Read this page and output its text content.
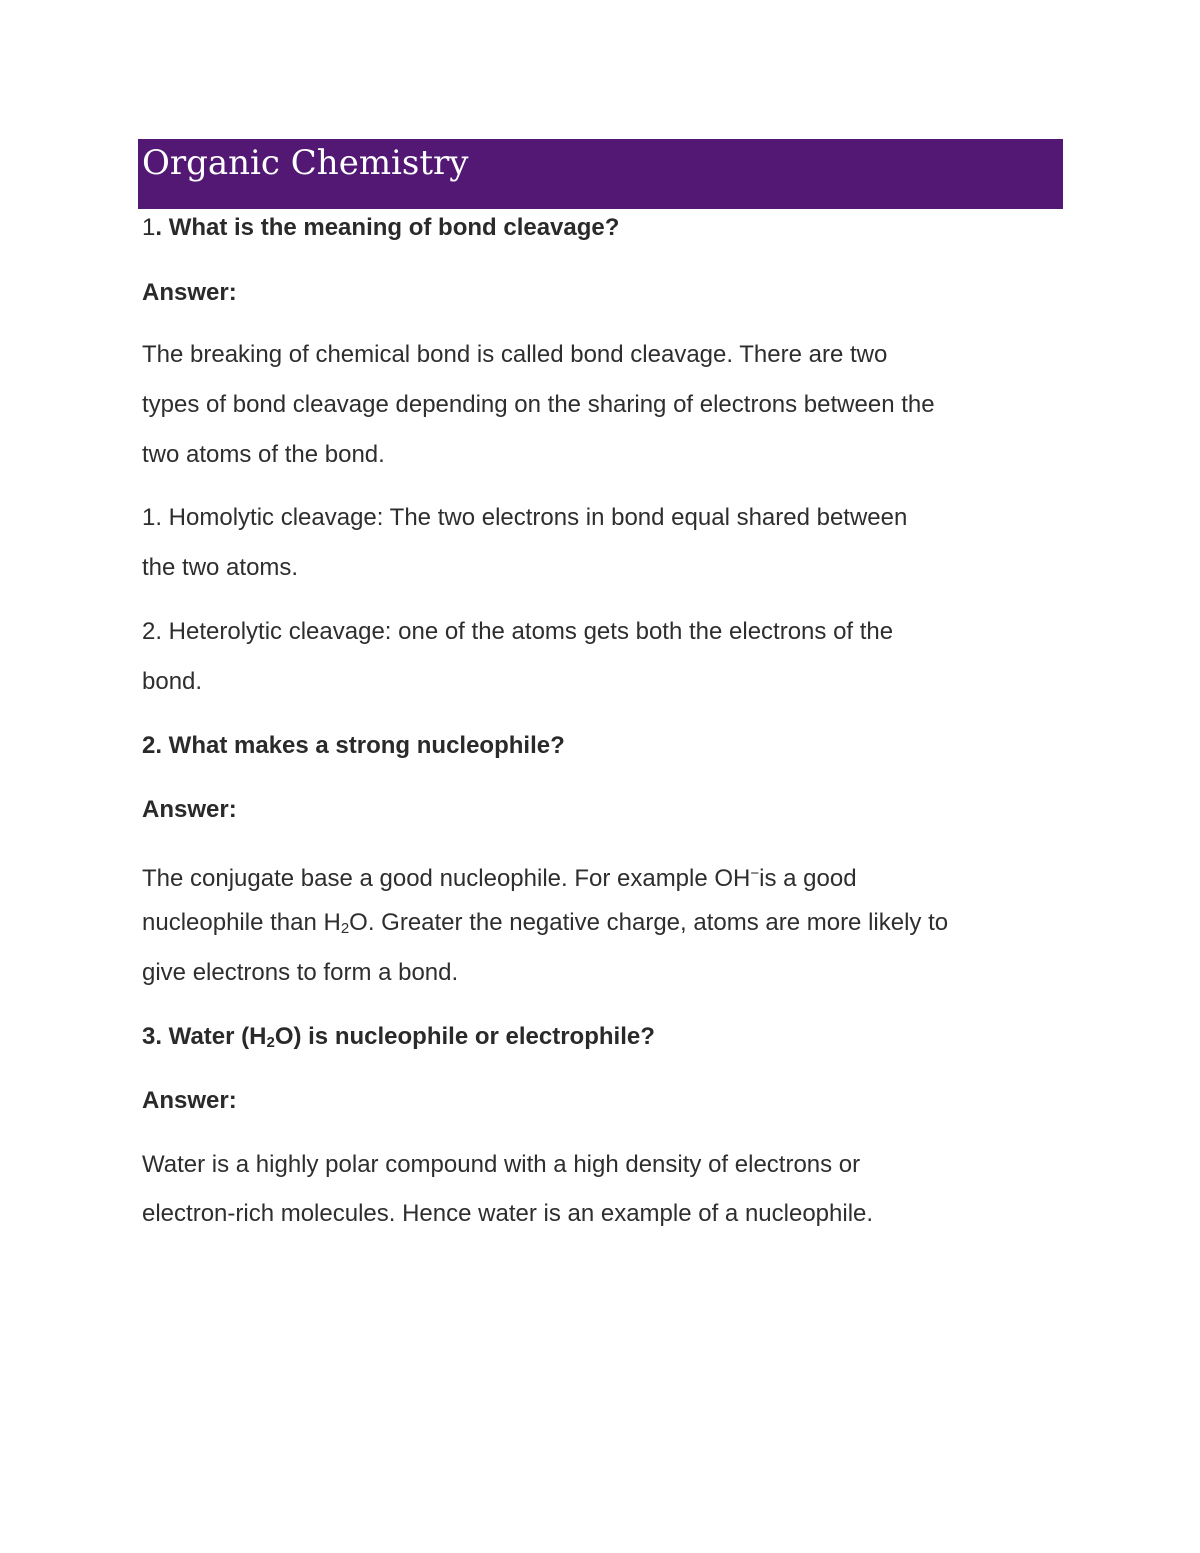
Organic Chemistry
1. What is the meaning of bond cleavage?
Answer:
The breaking of chemical bond is called bond cleavage. There are two
types of bond cleavage depending on the sharing of electrons between the
two atoms of the bond.
1. Homolytic cleavage: The two electrons in bond equal shared between
the two atoms.
2. Heterolytic cleavage: one of the atoms gets both the electrons of the
bond.
2. What makes a strong nucleophile?
Answer:
The conjugate base a good nucleophile. For example OH−is a good
nucleophile than $H_2O$. Greater the negative charge, atoms are more likely to
give electrons to form a bond.
3. Water $(H_2O)$ is nucleophile or electrophile?
Answer:
Water is a highly polar compound with a high density of electrons or
electron-rich molecules. Hence water is an example of a nucleophile.
